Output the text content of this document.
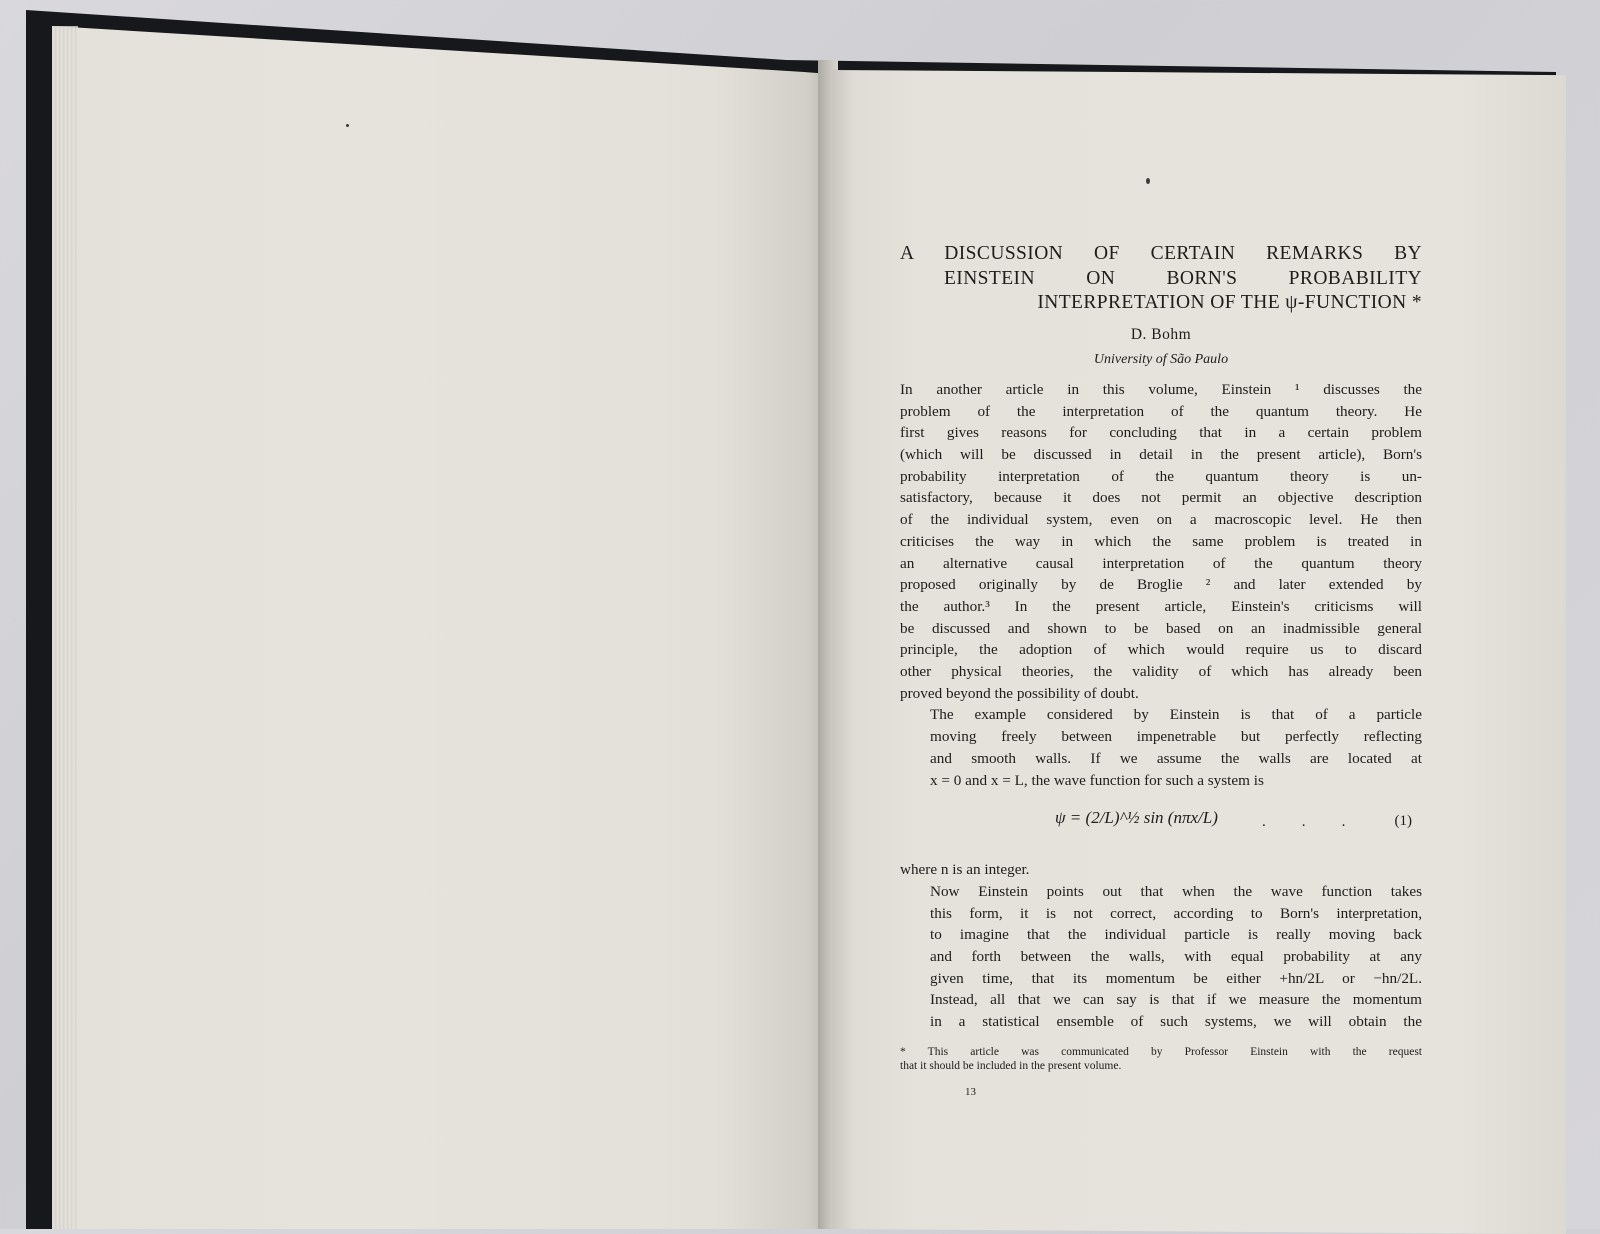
A DISCUSSION OF CERTAIN REMARKS BY
EINSTEIN ON BORN'S PROBABILITY
INTERPRETATION OF THE ψ-FUNCTION *
D. Bohm
University of São Paulo

In another article in this volume, Einstein ¹ discusses the
problem of the interpretation of the quantum theory. He
first gives reasons for concluding that in a certain problem
(which will be discussed in detail in the present article), Born's
probability interpretation of the quantum theory is un-
satisfactory, because it does not permit an objective description
of the individual system, even on a macroscopic level. He then
criticises the way in which the same problem is treated in
an alternative causal interpretation of the quantum theory
proposed originally by de Broglie ² and later extended by
the author.³ In the present article, Einstein's criticisms will
be discussed and shown to be based on an inadmissible general
principle, the adoption of which would require us to discard
other physical theories, the validity of which has already been
proved beyond the possibility of doubt.

The example considered by Einstein is that of a particle
moving freely between impenetrable but perfectly reflecting
and smooth walls. If we assume the walls are located at
x = 0 and x = L, the wave function for such a system is

ψ = (2/L)^½ sin (nπx/L)	... (1)

where n is an integer.

Now Einstein points out that when the wave function takes
this form, it is not correct, according to Born's interpretation,
to imagine that the individual particle is really moving back
and forth between the walls, with equal probability at any
given time, that its momentum be either +hn/2L or −hn/2L.
Instead, all that we can say is that if we measure the momentum
in a statistical ensemble of such systems, we will obtain the

* This article was communicated by Professor Einstein with the request
that it should be included in the present volume.
13
